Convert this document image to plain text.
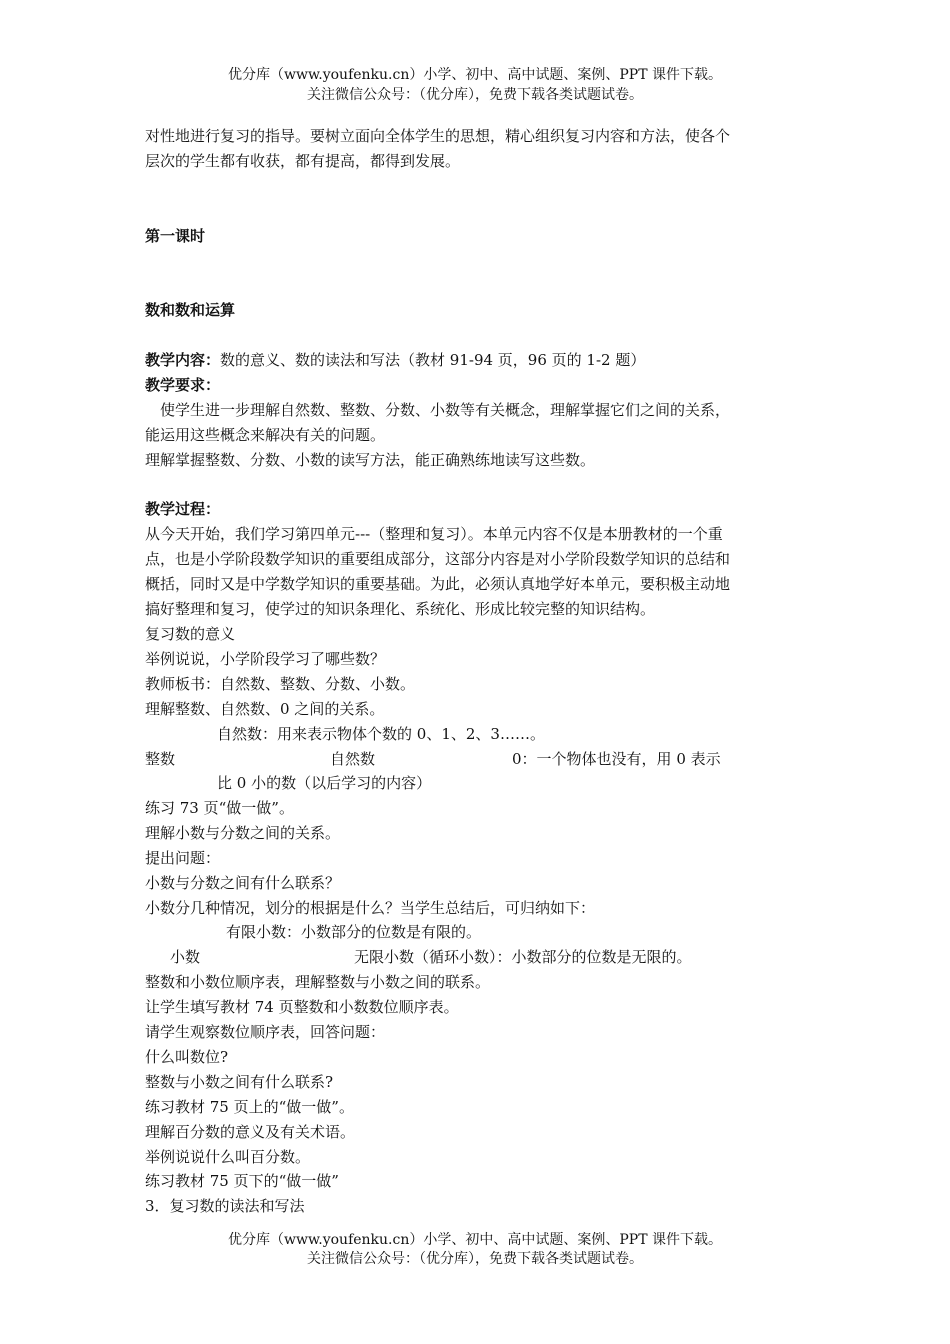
优分库（www.youfenku.cn）小学、初中、高中试题、案例、PPT 课件下载。
关注微信公众号：（优分库），免费下载各类试题试卷。
对性地进行复习的指导。要树立面向全体学生的思想，精心组织复习内容和方法，使各个
层次的学生都有收获，都有提高，都得到发展。
第一课时
数和数和运算
教学内容：数的意义、数的读法和写法（教材 91-94 页，96 页的 1-2 题）
教学要求：
使学生进一步理解自然数、整数、分数、小数等有关概念，理解掌握它们之间的关系，
能运用这些概念来解决有关的问题。
理解掌握整数、分数、小数的读写方法，能正确熟练地读写这些数。
教学过程：
从今天开始，我们学习第四单元---（整理和复习）。本单元内容不仅是本册教材的一个重
点，也是小学阶段数学知识的重要组成部分，这部分内容是对小学阶段数学知识的总结和
概括，同时又是中学数学知识的重要基础。为此，必须认真地学好本单元，要积极主动地
搞好整理和复习，使学过的知识条理化、系统化、形成比较完整的知识结构。
复习数的意义
举例说说，小学阶段学习了哪些数？
教师板书：自然数、整数、分数、小数。
理解整数、自然数、0 之间的关系。
自然数：用来表示物体个数的 0、1、2、3……。
整数	自然数	0：一个物体也没有，用 0 表示
比 0 小的数（以后学习的内容）
练习 73 页“做一做”。
理解小数与分数之间的关系。
提出问题：
小数与分数之间有什么联系？
小数分几种情况，划分的根据是什么？当学生总结后，可归纳如下：
有限小数：小数部分的位数是有限的。
小数	无限小数（循环小数）：小数部分的位数是无限的。
整数和小数位顺序表，理解整数与小数之间的联系。
让学生填写教材 74 页整数和小数数位顺序表。
请学生观察数位顺序表，回答问题：
什么叫数位?
整数与小数之间有什么联系?
练习教材 75 页上的“做一做”。
理解百分数的意义及有关术语。
举例说说什么叫百分数。
练习教材 75 页下的“做一做”
3．复习数的读法和写法
优分库（www.youfenku.cn）小学、初中、高中试题、案例、PPT 课件下载。
关注微信公众号：（优分库），免费下载各类试题试卷。
